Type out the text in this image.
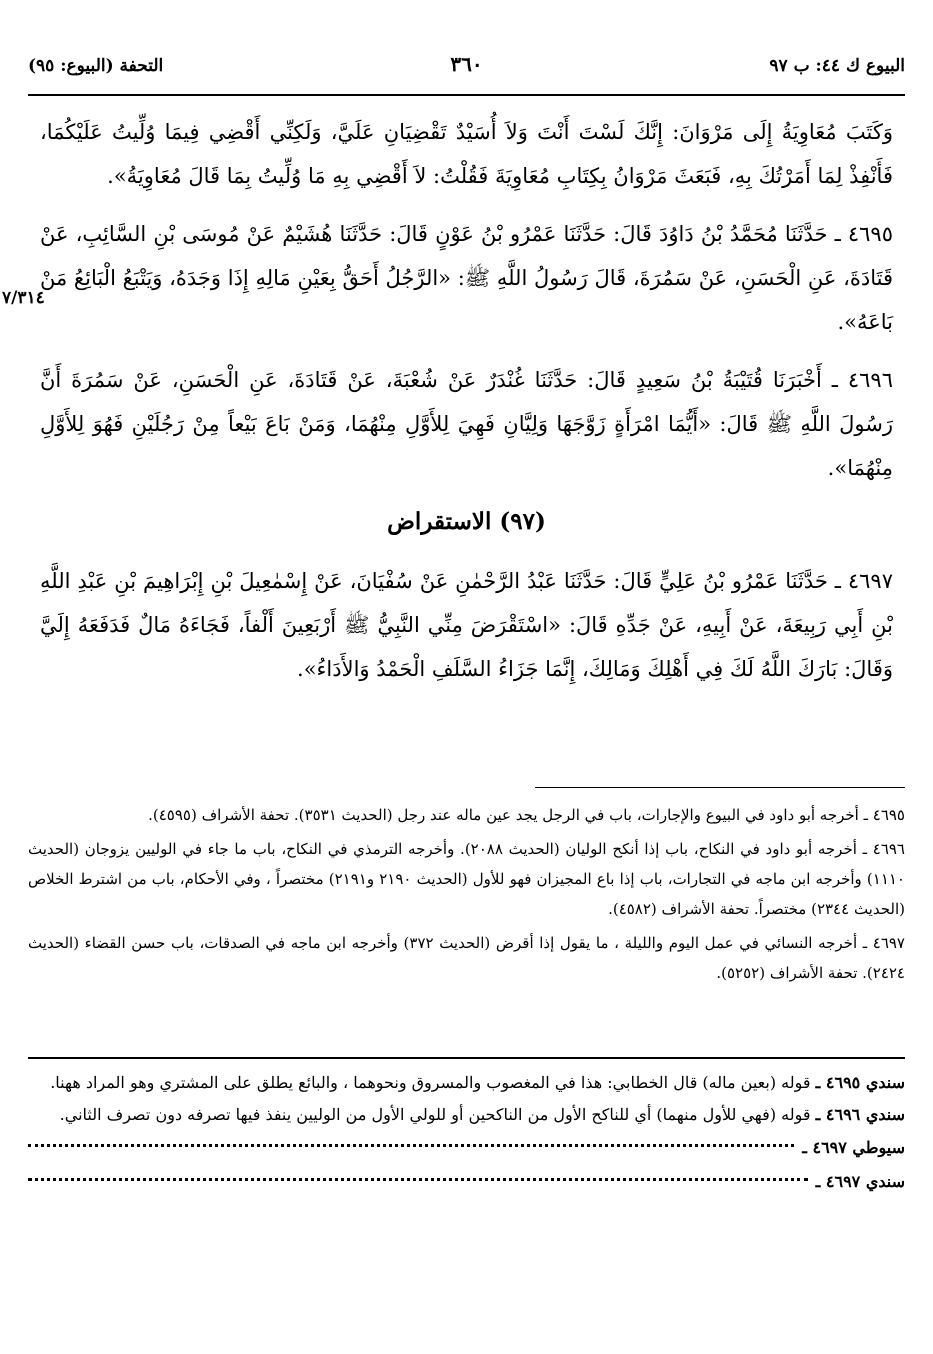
البيوع ك ٤٤: ب ٩٧
٣٦٠
التحفة (البيوع: ٩٥)
٧/٣١٤

وَكَتَبَ مُعَاوِيَةُ إِلَى مَرْوَانَ: إِنَّكَ لَسْتَ أَنْتَ وَلاَ أُسَيْدٌ تَقْضِيَانِ عَلَيَّ، وَلَكِنِّي أَقْضِي فِيمَا وُلِّيتُ عَلَيْكُمَا، فَأَنْفِذْ لِمَا أَمَرْتُكَ بِهِ، فَبَعَثَ مَرْوَانُ بِكِتَابِ مُعَاوِيَةَ فَقُلْتُ: لاَ أَقْضِي بِهِ مَا وُلِّيتُ بِمَا قَالَ مُعَاوِيَةُ».

٤٦٩٥ ـ حَدَّثَنَا مُحَمَّدُ بْنُ دَاوُدَ قَالَ: حَدَّثَنَا عَمْرُو بْنُ عَوْنٍ قَالَ: حَدَّثَنَا هُشَيْمٌ عَنْ مُوسَى بْنِ السَّائِبِ، عَنْ قَتَادَةَ، عَنِ الْحَسَنِ، عَنْ سَمُرَةَ، قَالَ رَسُولُ اللَّهِ ﷺ: «الرَّجُلُ أَحَقُّ بِعَيْنِ مَالِهِ إِذَا وَجَدَهُ، وَيَتْبَعُ الْبَائِعُ مَنْ بَاعَهُ».

٤٦٩٦ ـ أَخْبَرَنَا قُتَيْبَةُ بْنُ سَعِيدٍ قَالَ: حَدَّثَنَا غُنْدَرٌ عَنْ شُعْبَةَ، عَنْ قَتَادَةَ، عَنِ الْحَسَنِ، عَنْ سَمُرَةَ أَنَّ رَسُولَ اللَّهِ ﷺ قَالَ: «أَيُّمَا امْرَأَةٍ زَوَّجَهَا وَلِيَّانِ فَهِيَ لِلأَوَّلِ مِنْهُمَا، وَمَنْ بَاعَ بَيْعاً مِنْ رَجُلَيْنِ فَهُوَ لِلأَوَّلِ مِنْهُمَا».

(٩٧) الاستقراض

٤٦٩٧ ـ حَدَّثَنَا عَمْرُو بْنُ عَلِيٍّ قَالَ: حَدَّثَنَا عَبْدُ الرَّحْمٰنِ عَنْ سُفْيَانَ، عَنْ إِسْمٰعِيلَ بْنِ إِبْرَاهِيمَ بْنِ عَبْدِ اللَّهِ بْنِ أَبِي رَبِيعَةَ، عَنْ أَبِيهِ، عَنْ جَدِّهِ قَالَ: «اسْتَقْرَضَ مِنِّي النَّبِيُّ ﷺ أَرْبَعِينَ أَلْفاً، فَجَاءَهُ مَالٌ فَدَفَعَهُ إِلَيَّ وَقَالَ: بَارَكَ اللَّهُ لَكَ فِي أَهْلِكَ وَمَالِكَ، إِنَّمَا جَزَاءُ السَّلَفِ الْحَمْدُ وَالأَدَاءُ».

٤٦٩٥ ـ أخرجه أبو داود في البيوع والإجارات، باب في الرجل يجد عين ماله عند رجل (الحديث ٣٥٣١). تحفة الأشراف (٤٥٩٥).

٤٦٩٦ ـ أخرجه أبو داود في النكاح، باب إذا أنكح الوليان (الحديث ٢٠٨٨). وأخرجه الترمذي في النكاح، باب ما جاء في الوليين يزوجان (الحديث ١١١٠) وأخرجه ابن ماجه في التجارات، باب إذا باع المجيزان فهو للأول (الحديث ٢١٩٠ و٢١٩١) مختصراً ، وفي الأحكام، باب من اشترط الخلاص (الحديث ٢٣٤٤) مختصراً. تحفة الأشراف (٤٥٨٢).

٤٦٩٧ ـ أخرجه النسائي في عمل اليوم والليلة ، ما يقول إذا أقرض (الحديث ٣٧٢) وأخرجه ابن ماجه في الصدقات، باب حسن القضاء (الحديث ٢٤٢٤). تحفة الأشراف (٥٢٥٢).

سندي ٤٦٩٥ ـ قوله (بعين ماله) قال الخطابي: هذا في المغصوب والمسروق ونحوهما ، والبائع يطلق على المشتري وهو المراد ههنا.

سندي ٤٦٩٦ ـ قوله (فهي للأول منهما) أي للناكح الأول من الناكحين أو للولي الأول من الوليين ينفذ فيها تصرفه دون تصرف الثاني.

سيوطي ٤٦٩٧ ـ
سندي ٤٦٩٧ ـ
